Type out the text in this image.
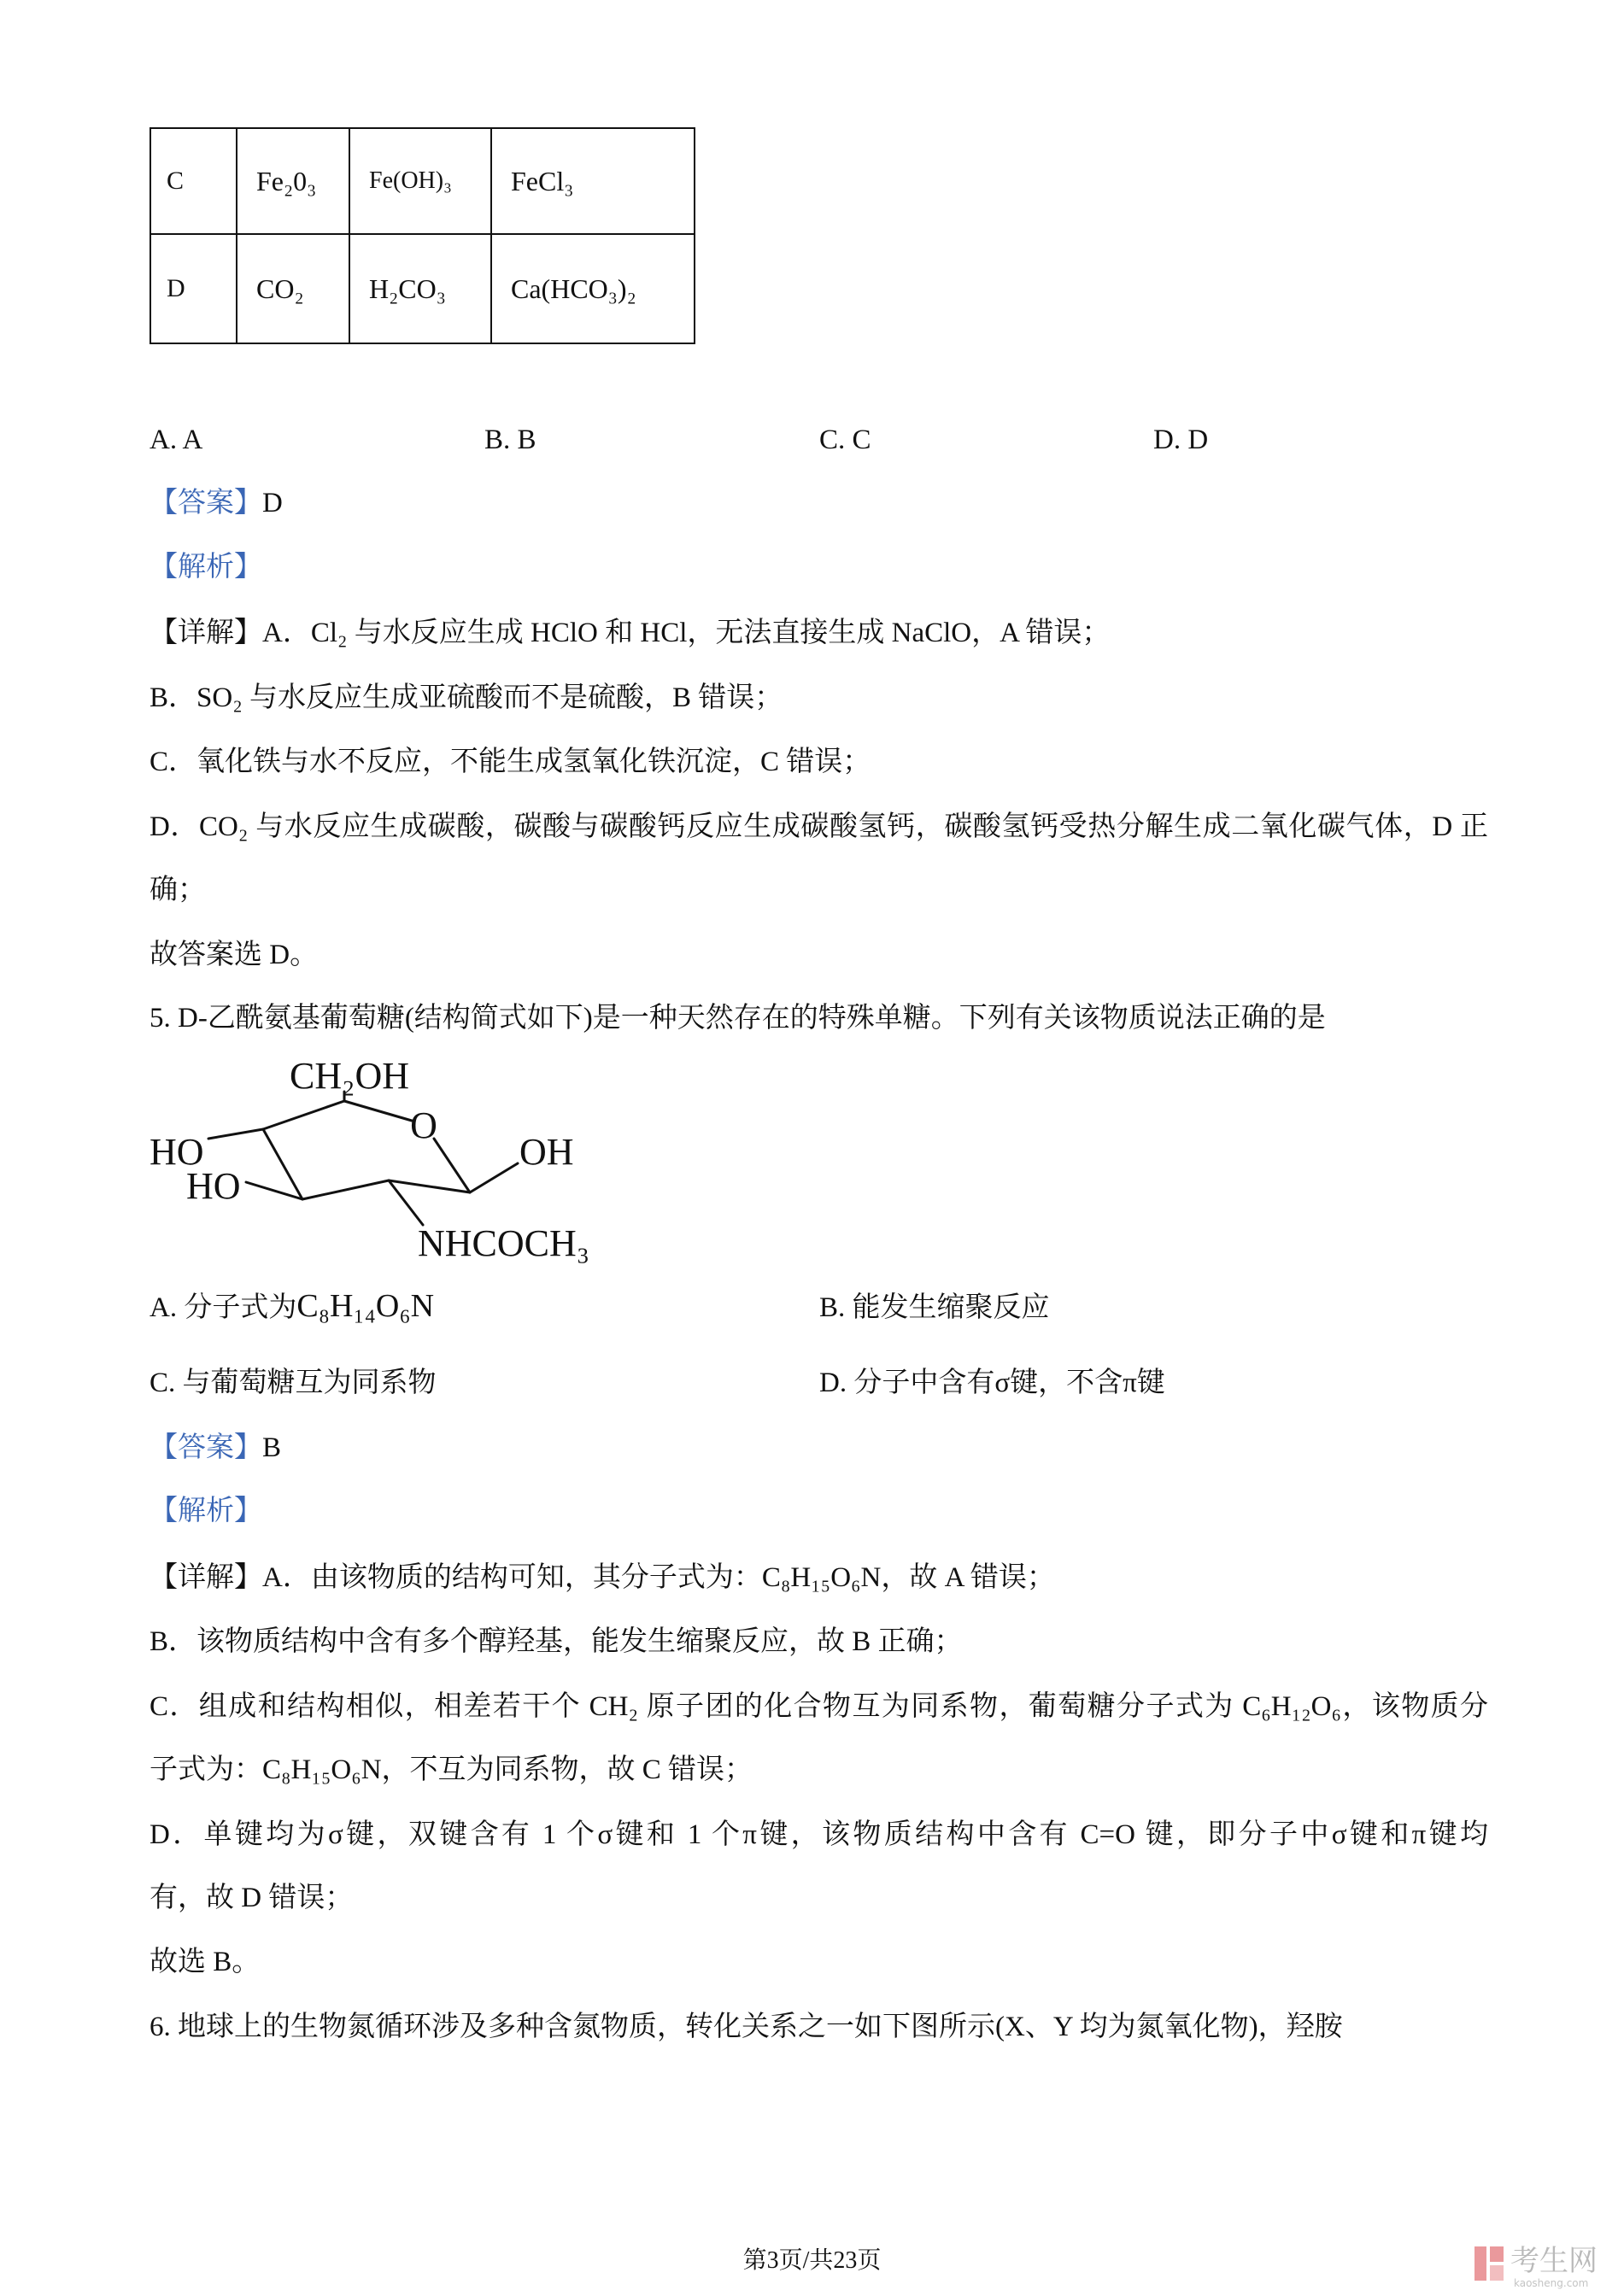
C	Fe₂0₃	Fe(OH)₃	FeCl₃
D	CO₂	H₂CO₃	Ca(HCO₃)₂
A. A	B. B	C. C	D. D
【答案】D
【解析】
【详解】A．Cl₂ 与水反应生成 HClO 和 HCl，无法直接生成 NaClO，A 错误；
B．SO₂ 与水反应生成亚硫酸而不是硫酸，B 错误；
C．氧化铁与水不反应，不能生成氢氧化铁沉淀，C 错误；
D．CO₂ 与水反应生成碳酸，碳酸与碳酸钙反应生成碳酸氢钙，碳酸氢钙受热分解生成二氧化碳气体，D 正
确；
故答案选 D。
5. D-乙酰氨基葡萄糖(结构简式如下)是一种天然存在的特殊单糖。下列有关该物质说法正确的是
CH₂OH
O
HO	OH
HO
NHCOCH₃
A. 分子式为C₈H₁₄O₆N	B. 能发生缩聚反应
C. 与葡萄糖互为同系物	D. 分子中含有σ键，不含π键
【答案】B
【解析】
【详解】A．由该物质的结构可知，其分子式为：C₈H₁₅O₆N，故 A 错误；
B．该物质结构中含有多个醇羟基，能发生缩聚反应，故 B 正确；
C．组成和结构相似，相差若干个 CH₂ 原子团的化合物互为同系物，葡萄糖分子式为 C₆H₁₂O₆，该物质分
子式为：C₈H₁₅O₆N，不互为同系物，故 C 错误；
D．单键均为σ键，双键含有 1 个σ键和 1 个π键，该物质结构中含有 C=O 键，即分子中σ键和π键均
有，故 D 错误；
故选 B。
6. 地球上的生物氮循环涉及多种含氮物质，转化关系之一如下图所示(X、Y 均为氮氧化物)，羟胺
第3页/共23页	考生网
kaosheng.com
